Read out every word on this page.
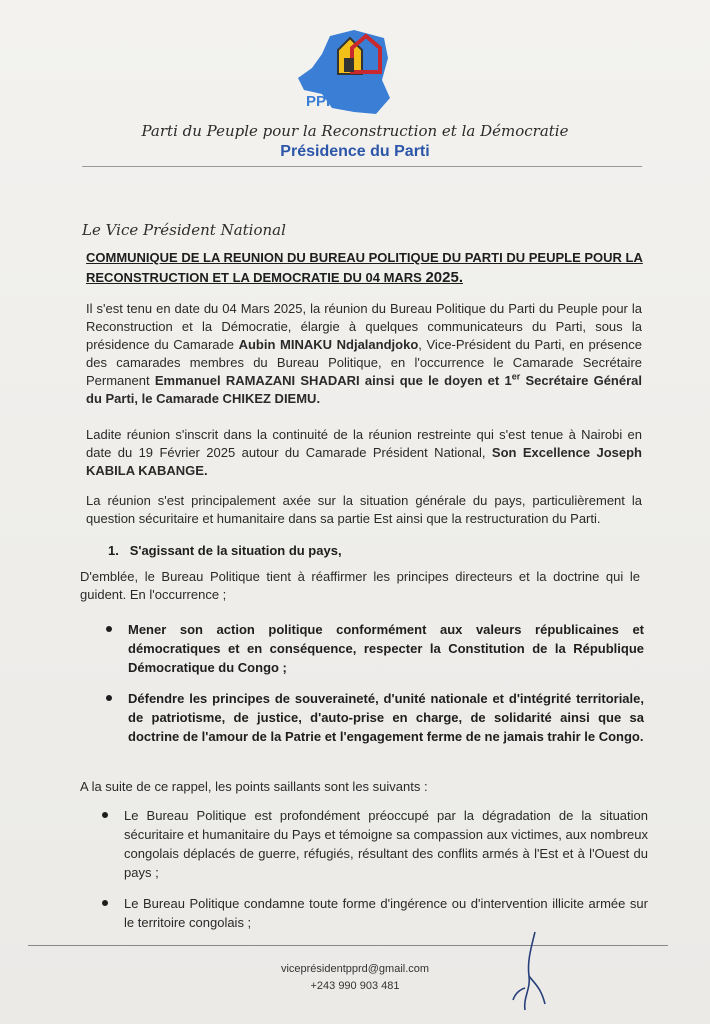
PPRD
Parti du Peuple pour la Reconstruction et la Démocratie
Présidence du Parti
Le Vice Président National
COMMUNIQUE DE LA REUNION DU BUREAU POLITIQUE DU PARTI DU PEUPLE POUR LA RECONSTRUCTION ET LA DEMOCRATIE DU 04 MARS 2025.
Il s'est tenu en date du 04 Mars 2025, la réunion du Bureau Politique du Parti du Peuple pour la Reconstruction et la Démocratie, élargie à quelques communicateurs du Parti, sous la présidence du Camarade Aubin MINAKU Ndjalandjoko, Vice-Président du Parti, en présence des camarades membres du Bureau Politique, en l'occurrence le Camarade Secrétaire Permanent Emmanuel RAMAZANI SHADARI ainsi que le doyen et 1er Secrétaire Général du Parti, le Camarade CHIKEZ DIEMU.
Ladite réunion s'inscrit dans la continuité de la réunion restreinte qui s'est tenue à Nairobi en date du 19 Février 2025 autour du Camarade Président National, Son Excellence Joseph KABILA KABANGE.
La réunion s'est principalement axée sur la situation générale du pays, particulièrement la question sécuritaire et humanitaire dans sa partie Est ainsi que la restructuration du Parti.
1. S'agissant de la situation du pays,
D'emblée, le Bureau Politique tient à réaffirmer les principes directeurs et la doctrine qui le guident. En l'occurrence ;
Mener son action politique conformément aux valeurs républicaines et démocratiques et en conséquence, respecter la Constitution de la République Démocratique du Congo ;
Défendre les principes de souveraineté, d'unité nationale et d'intégrité territoriale, de patriotisme, de justice, d'auto-prise en charge, de solidarité ainsi que sa doctrine de l'amour de la Patrie et l'engagement ferme de ne jamais trahir le Congo.
A la suite de ce rappel, les points saillants sont les suivants :
Le Bureau Politique est profondément préoccupé par la dégradation de la situation sécuritaire et humanitaire du Pays et témoigne sa compassion aux victimes, aux nombreux congolais déplacés de guerre, réfugiés, résultant des conflits armés à l'Est et à l'Ouest du pays ;
Le Bureau Politique condamne toute forme d'ingérence ou d'intervention illicite armée sur le territoire congolais ;
viceprésidentpprd@gmail.com
+243 990 903 481
